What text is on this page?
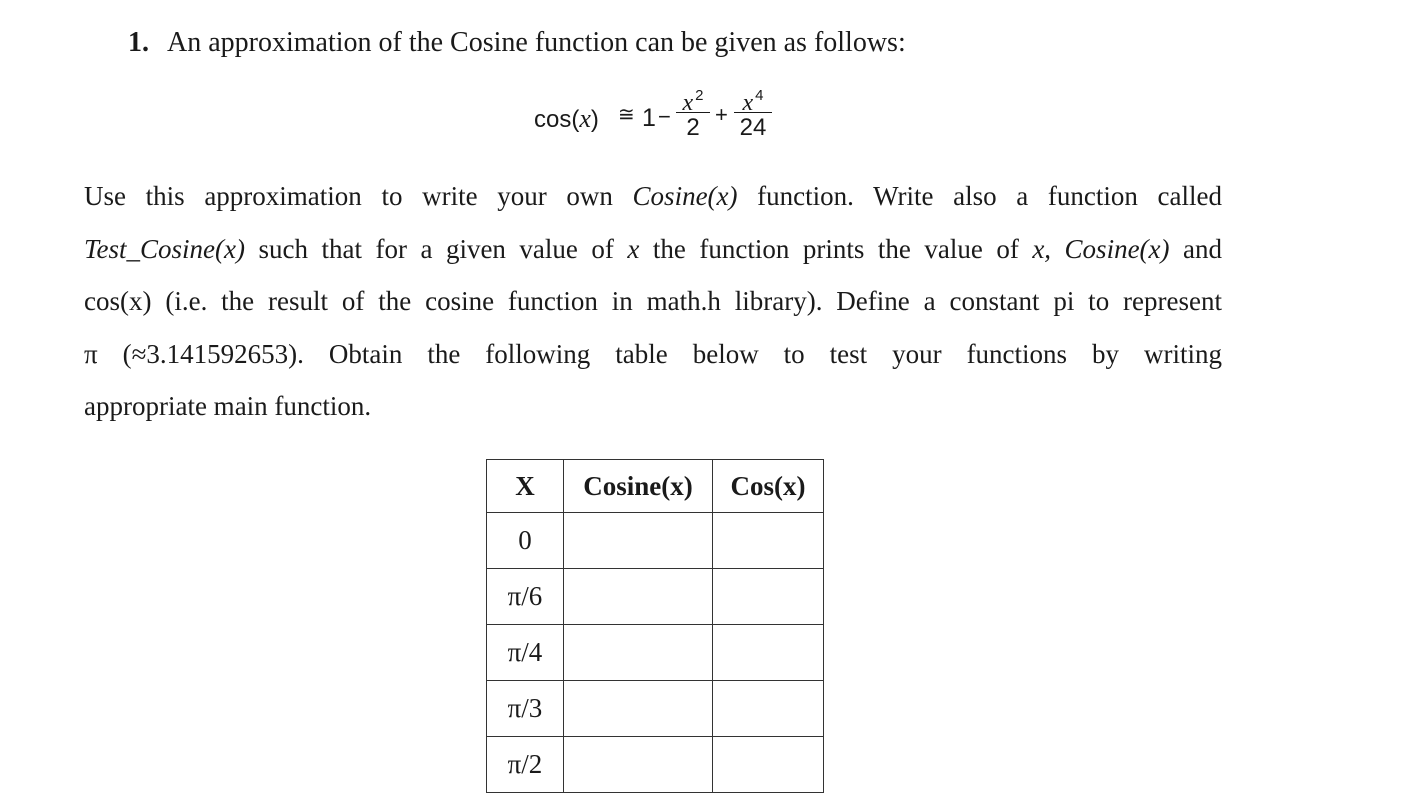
1. An approximation of the Cosine function can be given as follows:
cos(x) ≅ 1 −
x $^2$
2 + x $^4$
24
Use this approximation to write your own Cosine(x) function. Write also a function called
Test_Cosine(x) such that for a given value of x the function prints the value of x, Cosine(x) and
cos(x) (i.e. the result of the cosine function in math.h library). Define a constant pi to represent
π (≈3.141592653). Obtain the following table below to test your functions by writing
appropriate main function.
X	Cosine(x)	Cos(x)
0		
π/6		
π/4		
π/3		
π/2		
